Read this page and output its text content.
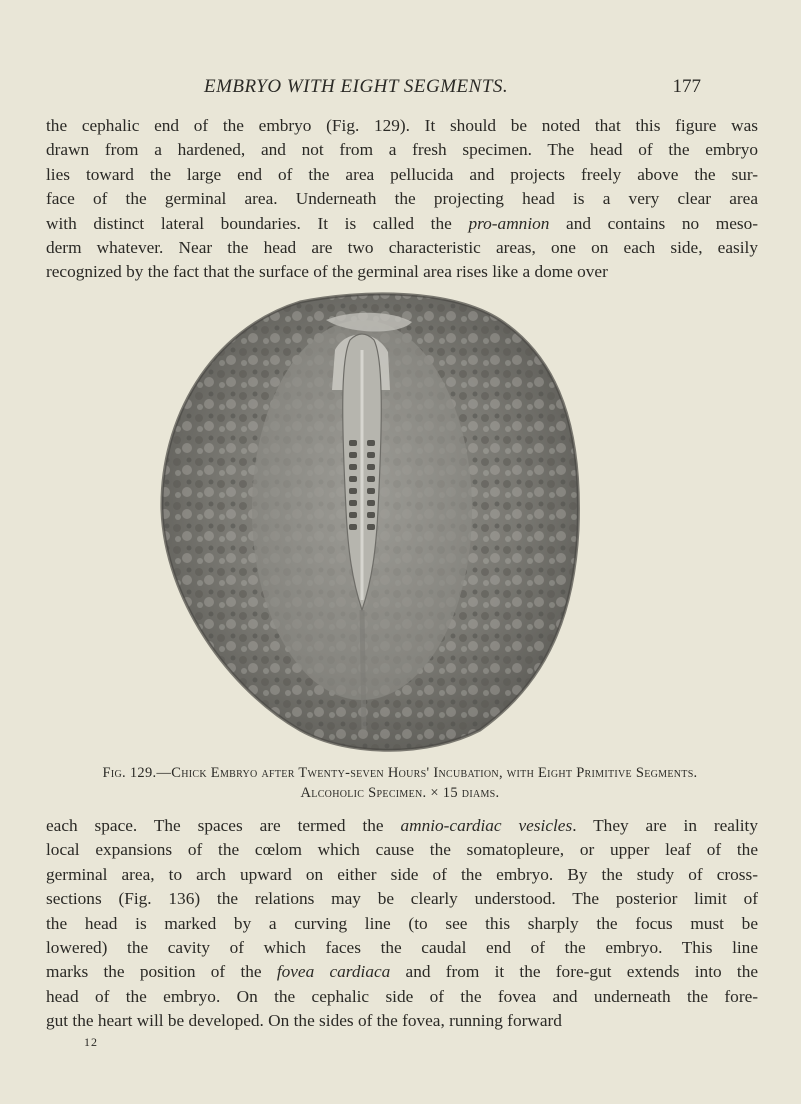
EMBRYO WITH EIGHT SEGMENTS.	177
the cephalic end of the embryo (Fig. 129). It should be noted that this figure was
drawn from a hardened, and not from a fresh specimen. The head of the embryo
lies toward the large end of the area pellucida and projects freely above the sur-
face of the germinal area. Underneath the projecting head is a very clear area
with distinct lateral boundaries. It is called the pro-amnion and contains no meso-
derm whatever. Near the head are two characteristic areas, one on each side, easily
recognized by the fact that the surface of the germinal area rises like a dome over
Fig. 129.—Chick Embryo after Twenty-seven Hours' Incubation, with Eight Primitive Segments.
Alcoholic Specimen. × 15 diams.
each space. The spaces are termed the amnio-cardiac vesicles. They are in reality
local expansions of the cœlom which cause the somatopleure, or upper leaf of the
germinal area, to arch upward on either side of the embryo. By the study of cross-
sections (Fig. 136) the relations may be clearly understood. The posterior limit of
the head is marked by a curving line (to see this sharply the focus must be
lowered) the cavity of which faces the caudal end of the embryo. This line
marks the position of the fovea cardiaca and from it the fore-gut extends into the
head of the embryo. On the cephalic side of the fovea and underneath the fore-
gut the heart will be developed. On the sides of the fovea, running forward
12
